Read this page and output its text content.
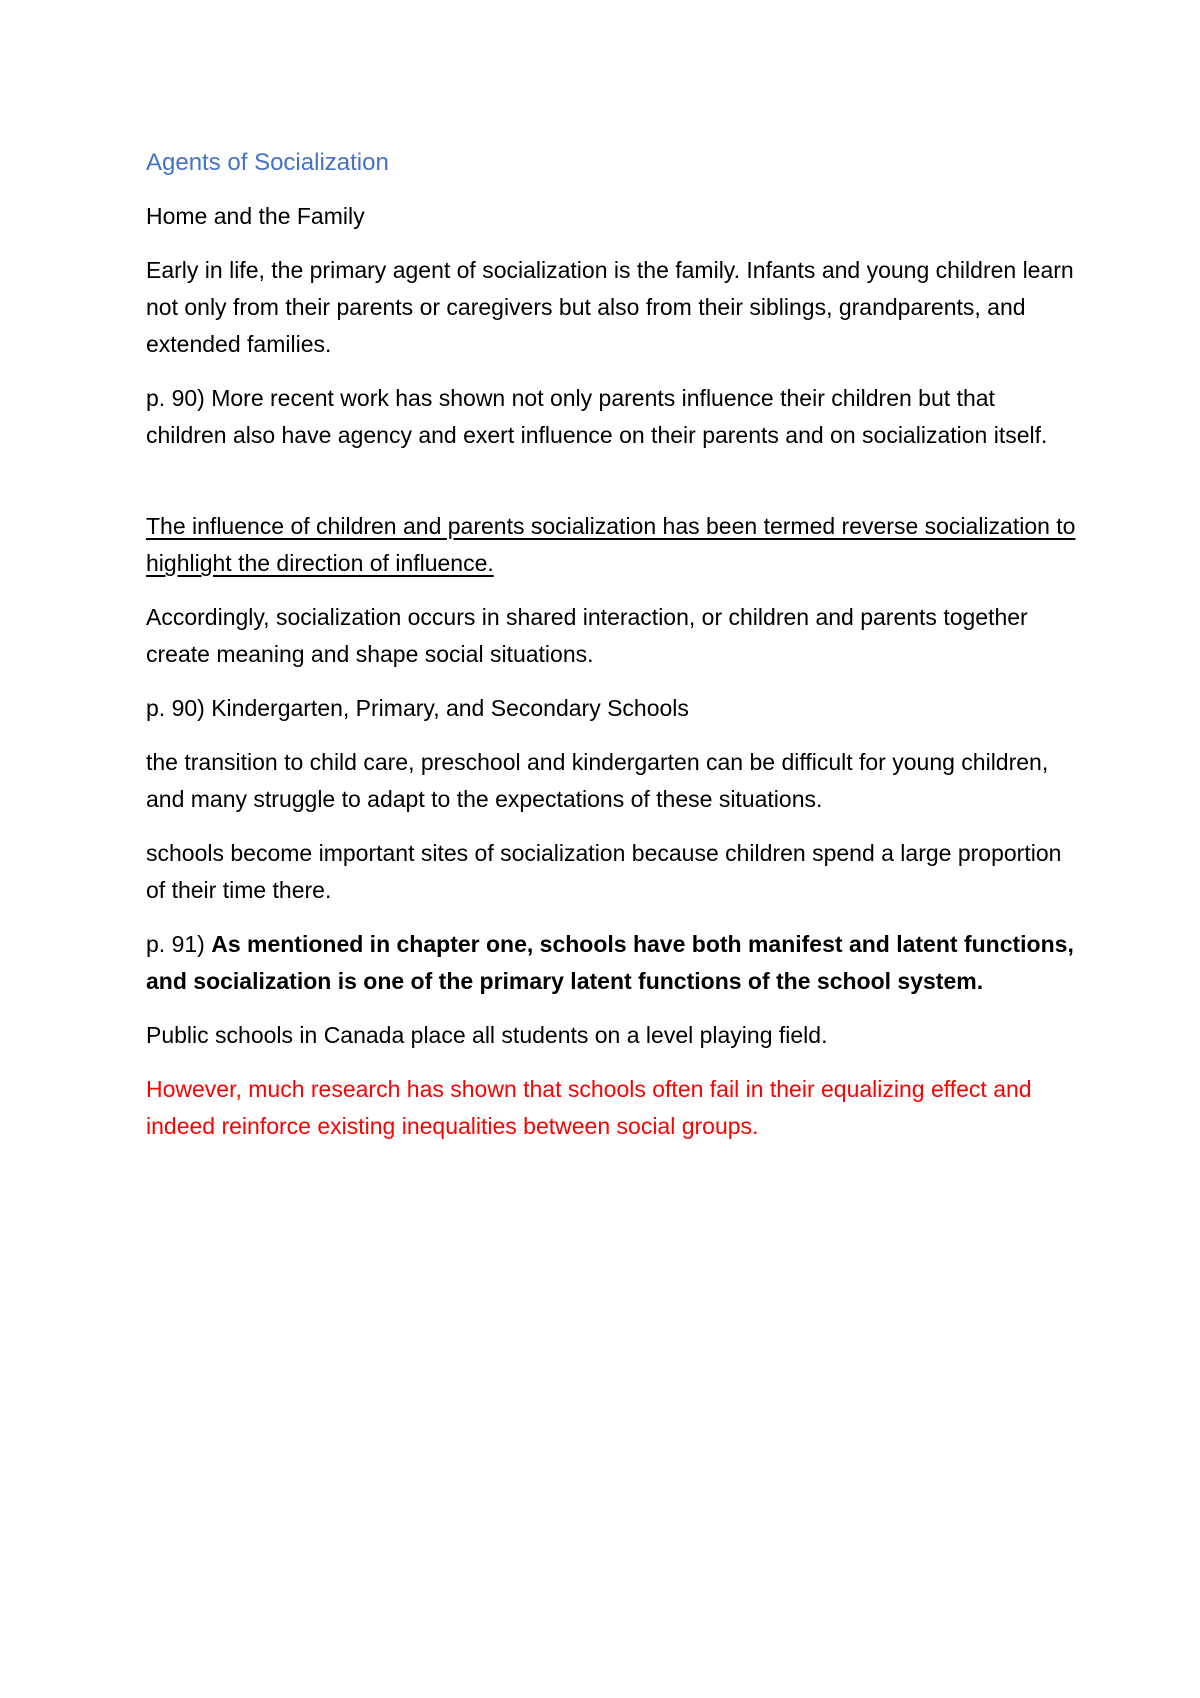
Agents of Socialization

Home and the Family

Early in life, the primary agent of socialization is the family. Infants and young children learn not only from their parents or caregivers but also from their siblings, grandparents, and extended families.

p. 90) More recent work has shown not only parents influence their children but that children also have agency and exert influence on their parents and on socialization itself.

The influence of children and parents socialization has been termed reverse socialization to highlight the direction of influence.

Accordingly, socialization occurs in shared interaction, or children and parents together create meaning and shape social situations.

p. 90) Kindergarten, Primary, and Secondary Schools

the transition to child care, preschool and kindergarten can be difficult for young children, and many struggle to adapt to the expectations of these situations.

schools become important sites of socialization because children spend a large proportion of their time there.

p. 91) As mentioned in chapter one, schools have both manifest and latent functions, and socialization is one of the primary latent functions of the school system.

Public schools in Canada place all students on a level playing field.

However, much research has shown that schools often fail in their equalizing effect and indeed reinforce existing inequalities between social groups.
